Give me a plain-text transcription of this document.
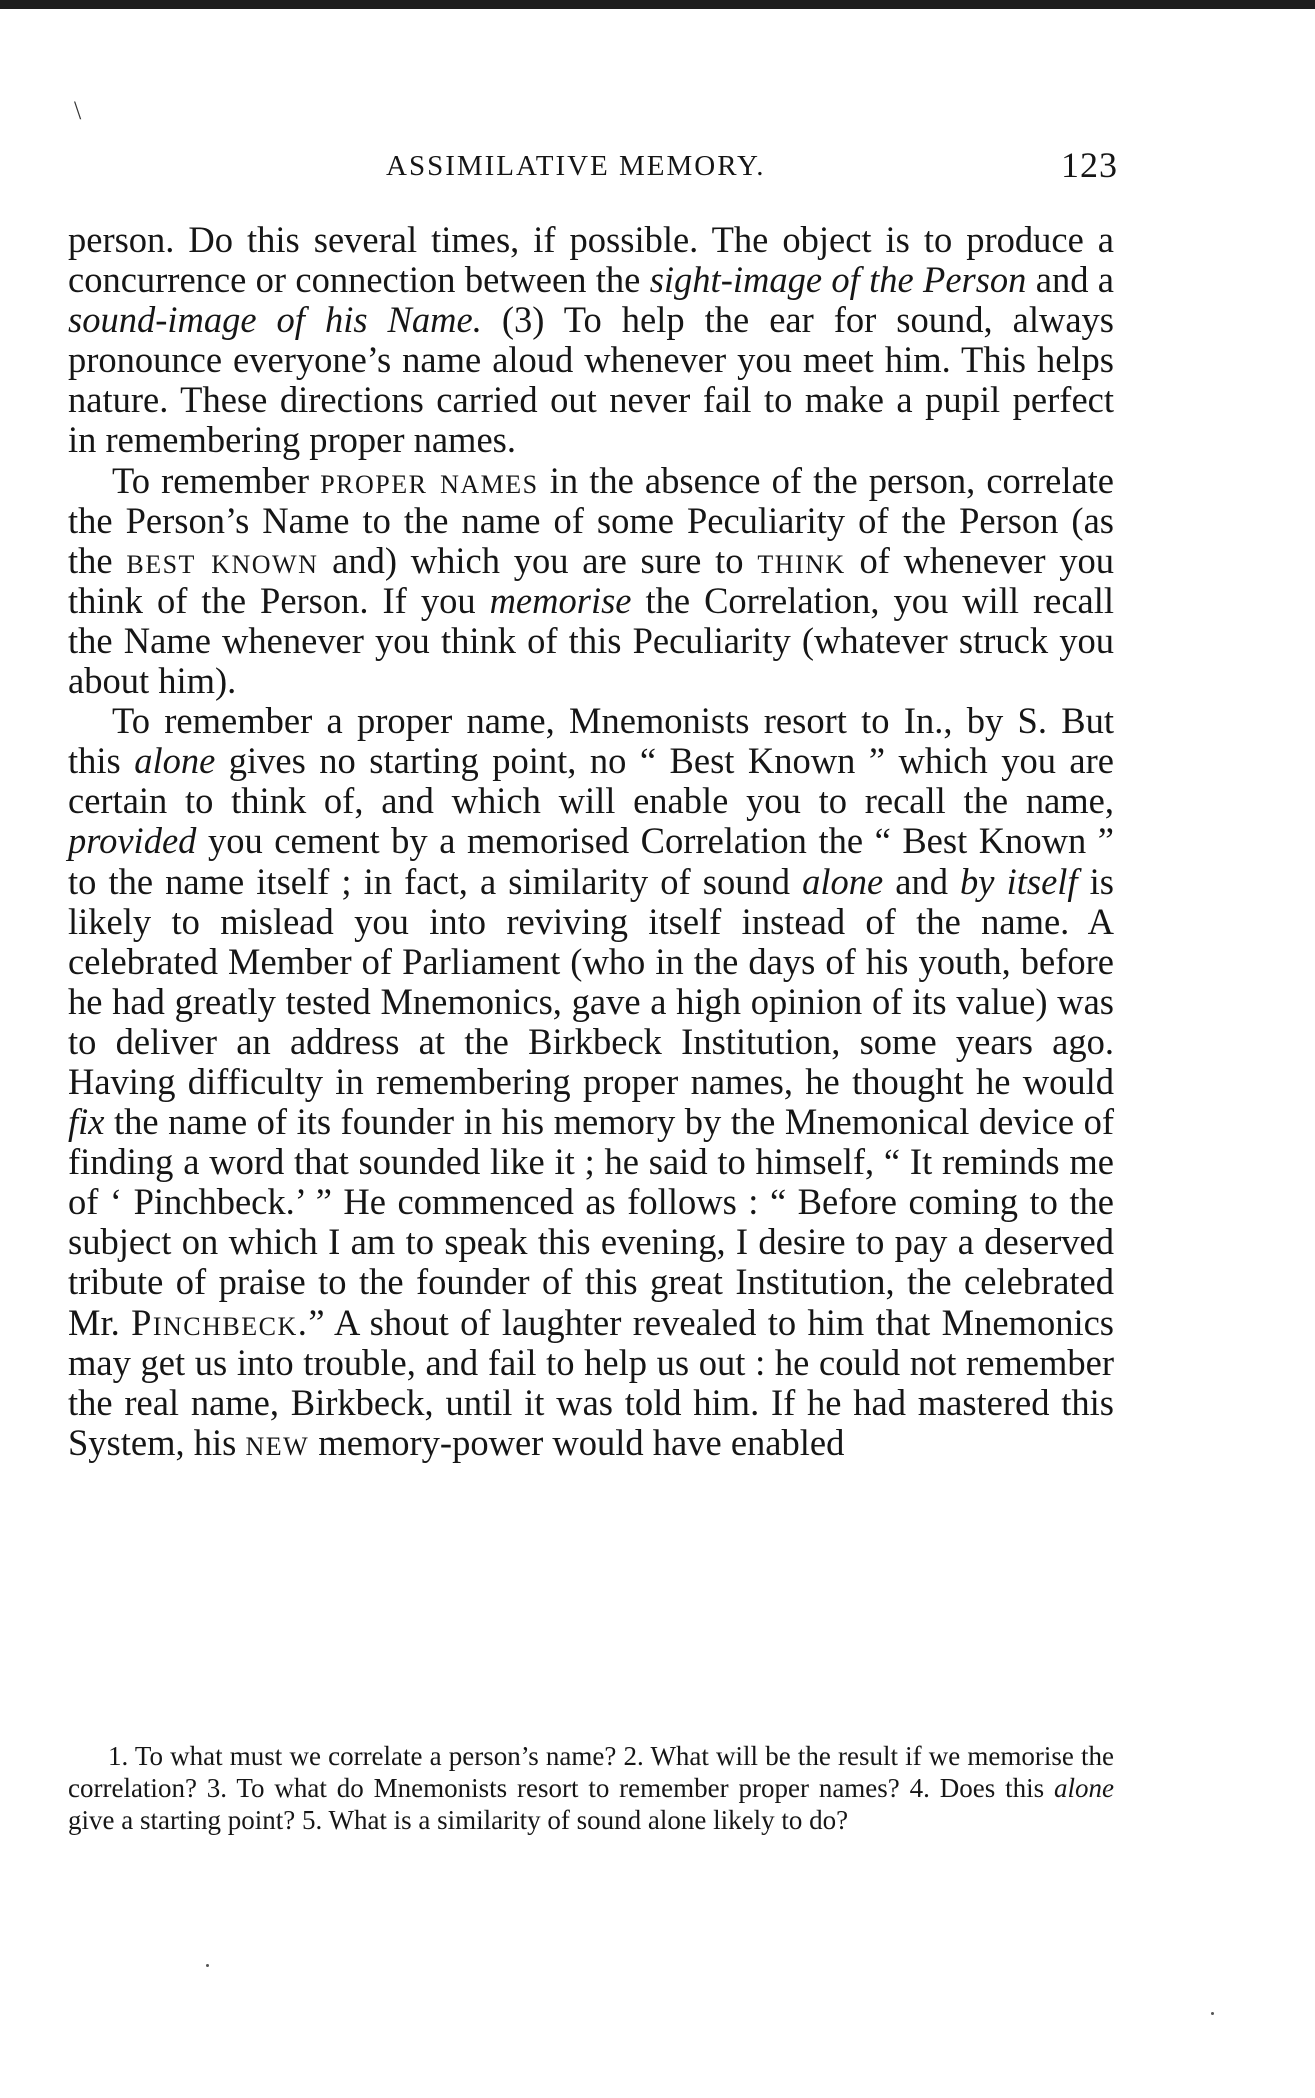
\
ASSIMILATIVE MEMORY.	123

person. Do this several times, if possible. The object is to produce a concurrence or connection between the sight-image of the Person and a sound-image of his Name. (3) To help the ear for sound, always pronounce everyone’s name aloud whenever you meet him. This helps nature. These directions carried out never fail to make a pupil perfect in remembering proper names.

To remember proper names in the absence of the person, correlate the Person’s Name to the name of some Peculiarity of the Person (as the best known and) which you are sure to think of whenever you think of the Person. If you memorise the Correlation, you will recall the Name whenever you think of this Peculiarity (whatever struck you about him).

To remember a proper name, Mnemonists resort to In., by S. But this alone gives no starting point, no “ Best Known ” which you are certain to think of, and which will enable you to recall the name, provided you cement by a memorised Correlation the “ Best Known ” to the name itself ; in fact, a similarity of sound alone and by itself is likely to mislead you into reviving itself instead of the name. A celebrated Member of Parliament (who in the days of his youth, before he had greatly tested Mnemonics, gave a high opinion of its value) was to deliver an address at the Birkbeck Institution, some years ago. Having difficulty in remembering proper names, he thought he would fix the name of its founder in his memory by the Mnemonical device of finding a word that sounded like it ; he said to himself, “ It reminds me of ‘ Pinchbeck.’ ” He commenced as follows : “ Before coming to the subject on which I am to speak this evening, I desire to pay a deserved tribute of praise to the founder of this great Institution, the celebrated Mr. Pinchbeck.” A shout of laughter revealed to him that Mnemonics may get us into trouble, and fail to help us out : he could not remember the real name, Birkbeck, until it was told him. If he had mastered this System, his new memory-power would have enabled

1. To what must we correlate a person’s name? 2. What will be the result if we memorise the correlation? 3. To what do Mnemonists resort to remember proper names? 4. Does this alone give a starting point? 5. What is a similarity of sound alone likely to do?
